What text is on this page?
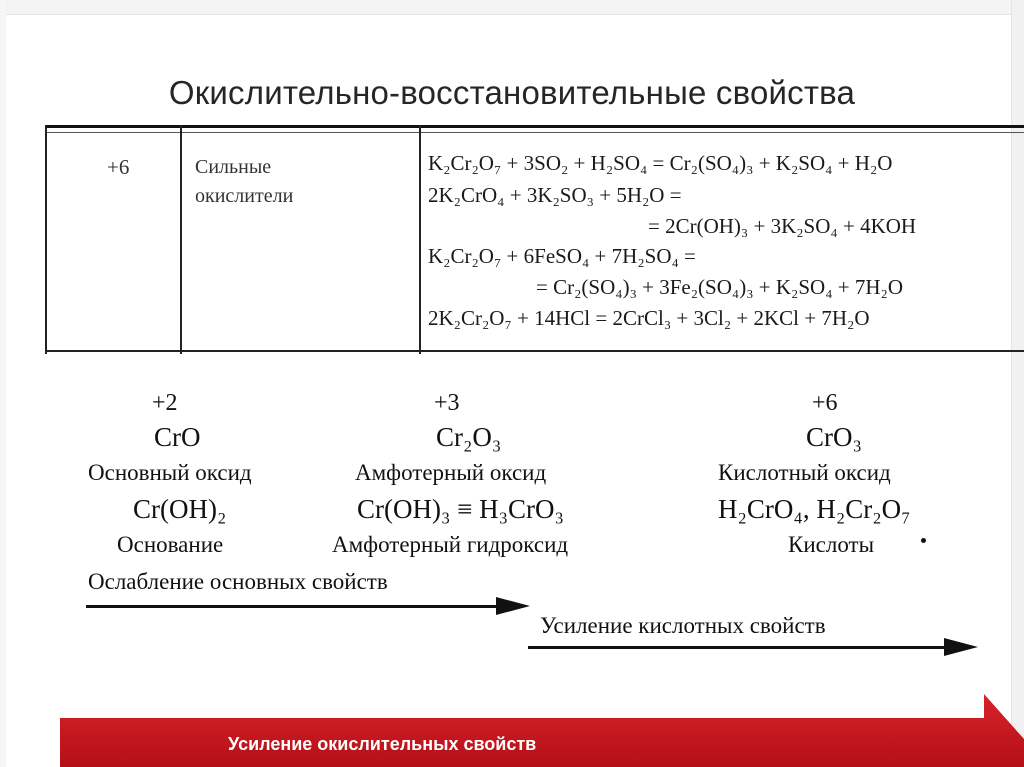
Окислительно-восстановительные свойства
+6	Сильные
окислители
K₂Cr₂O₇ + 3SO₂ + H₂SO₄ = Cr₂(SO₄)₃ + K₂SO₄ + H₂O
2K₂CrO₄ + 3K₂SO₃ + 5H₂O =
= 2Cr(OH)₃ + 3K₂SO₄ + 4KOH
K₂Cr₂O₇ + 6FeSO₄ + 7H₂SO₄ =
= Cr₂(SO₄)₃ + 3Fe₂(SO₄)₃ + K₂SO₄ + 7H₂O
2K₂Cr₂O₇ + 14HCl = 2CrCl₃ + 3Cl₂ + 2KCl + 7H₂O
+2
CrO
Основный оксид
Cr(OH)₂
Основание
+3
Cr₂O₃
Амфотерный оксид
Cr(OH)₃ ≡ H₃CrO₃
Амфотерный гидроксид
+6
CrO₃
Кислотный оксид
H₂CrO₄, H₂Cr₂O₇
Кислоты
Ослабление основных свойств
Усиление кислотных свойств
Усиление окислительных свойств
